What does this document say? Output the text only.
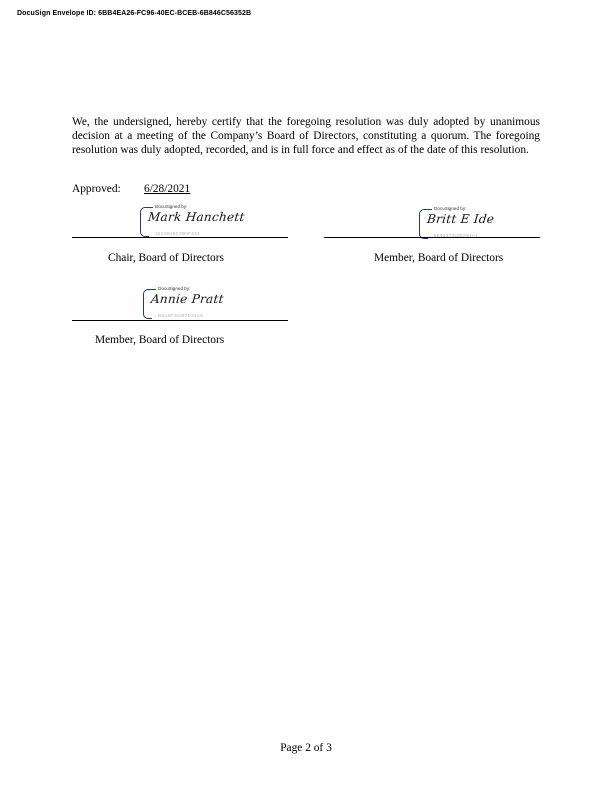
DocuSign Envelope ID: 6BB4EA26-FC96-40EC-BCEB-6B846C56352B

We, the undersigned, hereby certify that the foregoing resolution was duly adopted by unanimous decision at a meeting of the Company’s Board of Directors, constituting a quorum. The foregoing resolution was duly adopted, recorded, and is in full force and effect as of the date of this resolution.

Approved: 6/28/2021
DocuSigned by:
Mark Hanchett
12C8819C7B0F443
Chair, Board of Directors
DocuSigned by:
Britt E Ide
5E95373285A84A1
Member, Board of Directors
DocuSigned by:
Annie Pratt
B6A6F36087D34A8
Member, Board of Directors
Page 2 of 3
